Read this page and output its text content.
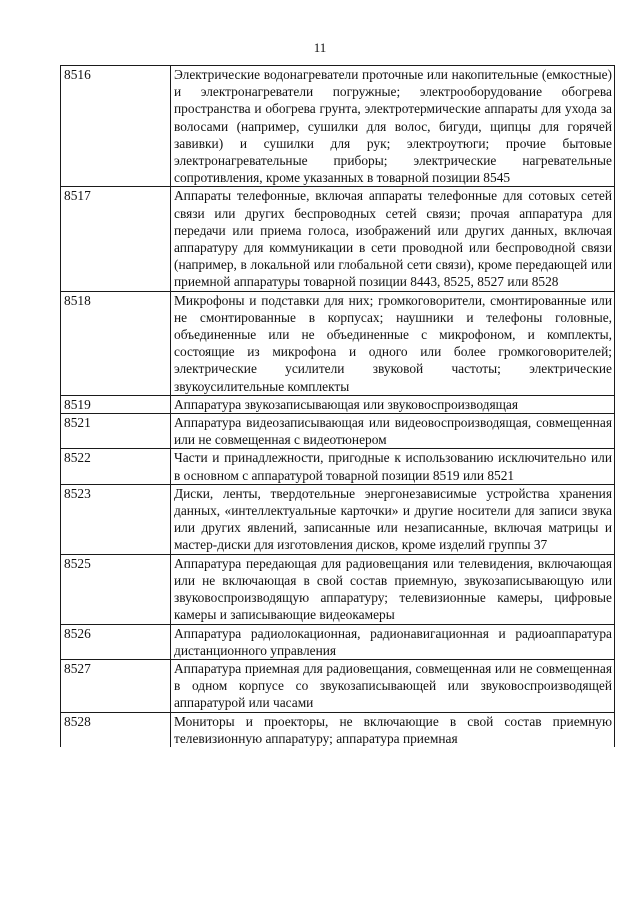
11
8516	Электрические водонагреватели проточные или накопительные (емкостные) и электронагреватели погружные; электрооборудование обогрева пространства и обогрева грунта, электротермические аппараты для ухода за волосами (например, сушилки для волос, бигуди, щипцы для горячей завивки) и сушилки для рук; электроутюги; прочие бытовые электронагревательные приборы; электрические нагревательные сопротивления, кроме указанных в товарной позиции 8545
8517	Аппараты телефонные, включая аппараты телефонные для сотовых сетей связи или других беспроводных сетей связи; прочая аппаратура для передачи или приема голоса, изображений или других данных, включая аппаратуру для коммуникации в сети проводной или беспроводной связи (например, в локальной или глобальной сети связи), кроме передающей или приемной аппаратуры товарной позиции 8443, 8525, 8527 или 8528
8518	Микрофоны и подставки для них; громкоговорители, смонтированные или не смонтированные в корпусах; наушники и телефоны головные, объединенные или не объединенные с микрофоном, и комплекты, состоящие из микрофона и одного или более громкоговорителей; электрические усилители звуковой частоты; электрические звукоусилительные комплекты
8519	Аппаратура звукозаписывающая или звуковоспроизводящая
8521	Аппаратура видеозаписывающая или видеовоспроизводящая, совмещенная или не совмещенная с видеотюнером
8522	Части и принадлежности, пригодные к использованию исключительно или в основном с аппаратурой товарной позиции 8519 или 8521
8523	Диски, ленты, твердотельные энергонезависимые устройства хранения данных, «интеллектуальные карточки» и другие носители для записи звука или других явлений, записанные или незаписанные, включая матрицы и мастер-диски для изготовления дисков, кроме изделий группы 37
8525	Аппаратура передающая для радиовещания или телевидения, включающая или не включающая в свой состав приемную, звукозаписывающую или звуковоспроизводящую аппаратуру; телевизионные камеры, цифровые камеры и записывающие видеокамеры
8526	Аппаратура радиолокационная, радионавигационная и радиоаппаратура дистанционного управления
8527	Аппаратура приемная для радиовещания, совмещенная или не совмещенная в одном корпусе со звукозаписывающей или звуковоспроизводящей аппаратурой или часами
8528	Мониторы и проекторы, не включающие в свой состав приемную телевизионную аппаратуру; аппаратура приемная
